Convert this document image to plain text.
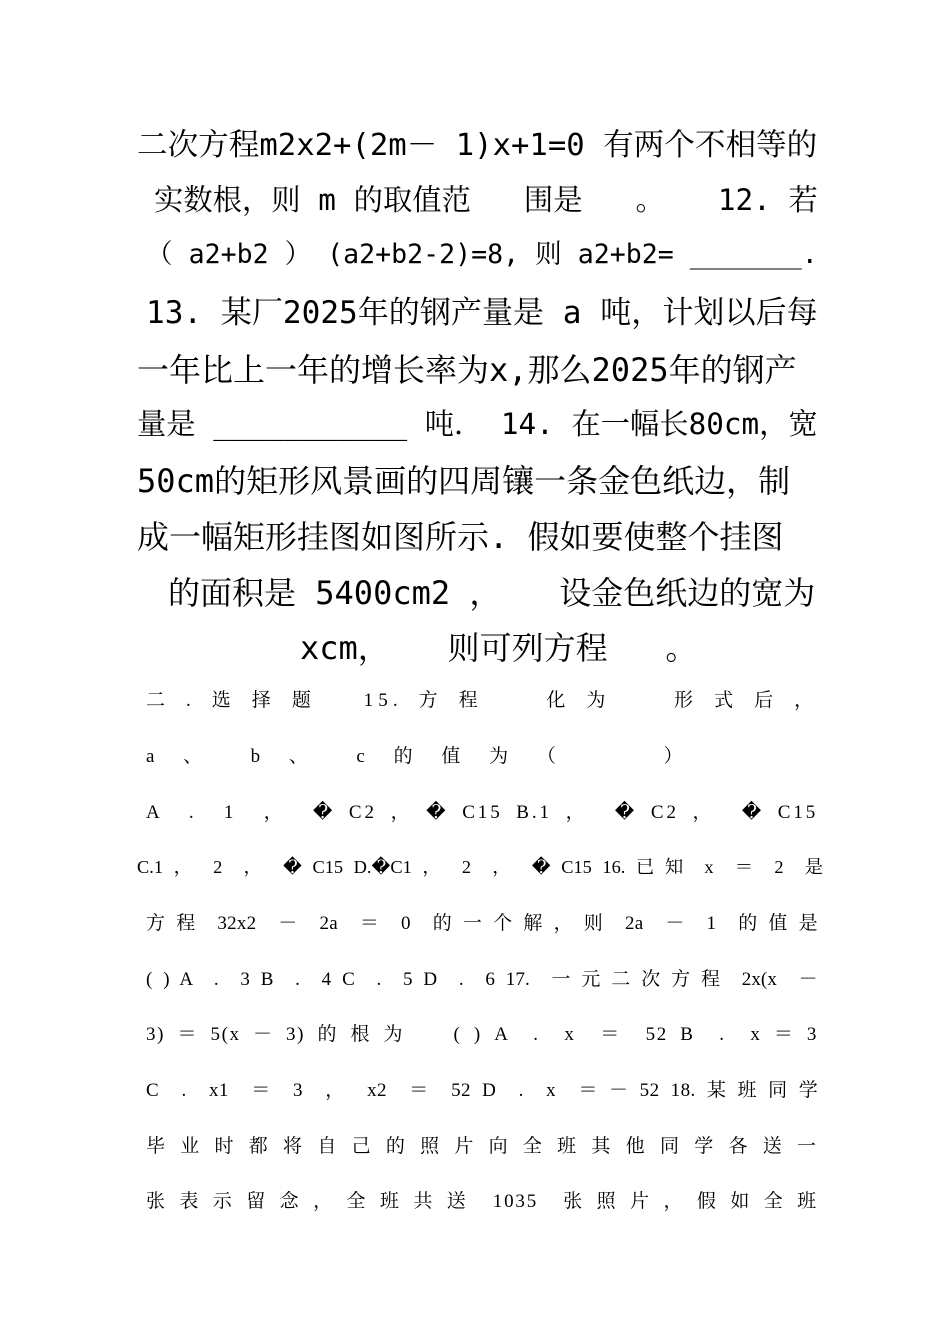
二次方程m2x2+(2m－ 1)x+1=0 有两个不相等的
实数根，则 m 的取值范   围是   。   12. 若
（ a2+b2 ） (a2+b2-2)=8, 则 a2+b2= _______.
13. 某厂2025年的钢产量是 a 吨，计划以后每
一年比上一年的增长率为x,那么2025年的钢产
量是 ___________ 吨． 14. 在一幅长80cm，宽
50cm的矩形风景画的四周镶一条金色纸边，制
成一幅矩形挂图如图所示. 假如要使整个挂图
的面积是 5400cm2 ，   设金色纸边的宽为
xcm，   则可列方程   。
二 . 选 择 题   15. 方 程    化 为    形 式 后 ，
a 、  b 、  c 的 值 为 （     ）
A  .  1  ，  � C2 ， � C15 B.1 ，  � C2 ，  � C15
C.1 ，  2  ，  � C15 D.�C1 ，  2  ，  � C15 16. 已 知  x  ＝  2  是
方 程  32x2  －  2a  ＝  0  的 一 个 解 ， 则  2a  －  1  的 值 是
( ) A  .  3 B  .  4 C  .  5 D  .  6 17.  一 元 二 次 方 程  2x(x  －
3) ＝ 5(x － 3) 的 根 为    ( ) A  .  x  ＝  52 B  .  x ＝ 3
C  .  x1  ＝  3  ，  x2  ＝  52 D  .  x  ＝ － 52 18. 某 班 同 学
毕 业 时 都 将 自 己 的 照 片 向 全 班 其 他 同 学 各 送 一
张 表 示 留 念 ， 全 班 共 送  1035  张 照 片 ， 假 如 全 班
